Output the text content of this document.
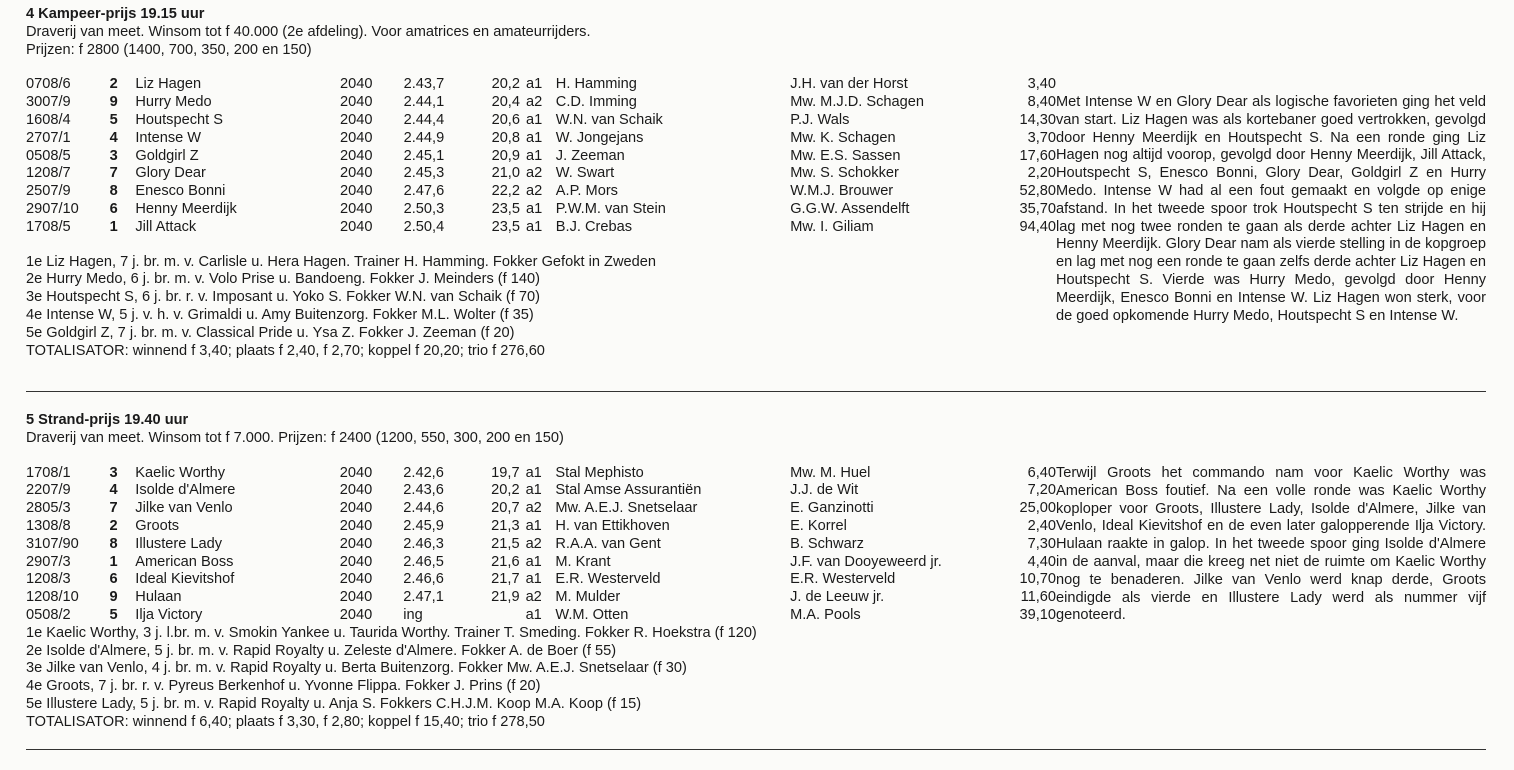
4 Kampeer-prijs 19.15 uur
Draverij van meet. Winsom tot f 40.000 (2e afdeling). Voor amatrices en amateurrijders.
Prijzen: f 2800 (1400, 700, 350, 200 en 150)
0708/6	2	Liz Hagen	2040	2.43,7	20,2	a1	H. Hamming	J.H. van der Horst	3,40
3007/9	9	Hurry Medo	2040	2.44,1	20,4	a2	C.D. Imming	Mw. M.J.D. Schagen	8,40
1608/4	5	Houtspecht S	2040	2.44,4	20,6	a1	W.N. van Schaik	P.J. Wals	14,30
2707/1	4	Intense W	2040	2.44,9	20,8	a1	W. Jongejans	Mw. K. Schagen	3,70
0508/5	3	Goldgirl Z	2040	2.45,1	20,9	a1	J. Zeeman	Mw. E.S. Sassen	17,60
1208/7	7	Glory Dear	2040	2.45,3	21,0	a2	W. Swart	Mw. S. Schokker	2,20
2507/9	8	Enesco Bonni	2040	2.47,6	22,2	a2	A.P. Mors	W.M.J. Brouwer	52,80
2907/10	6	Henny Meerdijk	2040	2.50,3	23,5	a1	P.W.M. van Stein	G.G.W. Assendelft	35,70
1708/5	1	Jill Attack	2040	2.50,4	23,5	a1	B.J. Crebas	Mw. I. Giliam	94,40
1e Liz Hagen, 7 j. br. m. v. Carlisle u. Hera Hagen. Trainer H. Hamming. Fokker Gefokt in Zweden
2e Hurry Medo, 6 j. br. m. v. Volo Prise u. Bandoeng. Fokker J. Meinders (f 140)
3e Houtspecht S, 6 j. br. r. v. Imposant u. Yoko S. Fokker W.N. van Schaik (f 70)
4e Intense W, 5 j. v. h. v. Grimaldi u. Amy Buitenzorg. Fokker M.L. Wolter (f 35)
5e Goldgirl Z, 7 j. br. m. v. Classical Pride u. Ysa Z. Fokker J. Zeeman (f 20)
TOTALISATOR: winnend f 3,40; plaats f 2,40, f 2,70; koppel f 20,20; trio f 276,60
Met Intense W en Glory Dear als logische favorieten ging het veld van start. Liz Hagen was als kortebaner goed vertrokken, gevolgd door Henny Meerdijk en Houtspecht S. Na een ronde ging Liz Hagen nog altijd voorop, gevolgd door Henny Meerdijk, Jill Attack, Houtspecht S, Enesco Bonni, Glory Dear, Goldgirl Z en Hurry Medo. Intense W had al een fout gemaakt en volgde op enige afstand. In het tweede spoor trok Houtspecht S ten strijde en hij lag met nog twee ronden te gaan als derde achter Liz Hagen en Henny Meerdijk. Glory Dear nam als vierde stelling in de kopgroep en lag met nog een ronde te gaan zelfs derde achter Liz Hagen en Houtspecht S. Vierde was Hurry Medo, gevolgd door Henny Meerdijk, Enesco Bonni en Intense W. Liz Hagen won sterk, voor de goed opkomende Hurry Medo, Houtspecht S en Intense W.
5 Strand-prijs 19.40 uur
Draverij van meet. Winsom tot f 7.000. Prijzen: f 2400 (1200, 550, 300, 200 en 150)
1708/1	3	Kaelic Worthy	2040	2.42,6	19,7	a1	Stal Mephisto	Mw. M. Huel	6,40
2207/9	4	Isolde d'Almere	2040	2.43,6	20,2	a1	Stal Amse Assurantiën	J.J. de Wit	7,20
2805/3	7	Jilke van Venlo	2040	2.44,6	20,7	a2	Mw. A.E.J. Snetselaar	E. Ganzinotti	25,00
1308/8	2	Groots	2040	2.45,9	21,3	a1	H. van Ettikhoven	E. Korrel	2,40
3107/90	8	Illustere Lady	2040	2.46,3	21,5	a2	R.A.A. van Gent	B. Schwarz	7,30
2907/3	1	American Boss	2040	2.46,5	21,6	a1	M. Krant	J.F. van Dooyeweerd jr.	4,40
1208/3	6	Ideal Kievitshof	2040	2.46,6	21,7	a1	E.R. Westerveld	E.R. Westerveld	10,70
1208/10	9	Hulaan	2040	2.47,1	21,9	a2	M. Mulder	J. de Leeuw jr.	11,60
0508/2	5	Ilja Victory	2040	ing		a1	W.M. Otten	M.A. Pools	39,10
1e Kaelic Worthy, 3 j. l.br. m. v. Smokin Yankee u. Taurida Worthy. Trainer T. Smeding. Fokker R. Hoekstra (f 120)
2e Isolde d'Almere, 5 j. br. m. v. Rapid Royalty u. Zeleste d'Almere. Fokker A. de Boer (f 55)
3e Jilke van Venlo, 4 j. br. m. v. Rapid Royalty u. Berta Buitenzorg. Fokker Mw. A.E.J. Snetselaar (f 30)
4e Groots, 7 j. br. r. v. Pyreus Berkenhof u. Yvonne Flippa. Fokker J. Prins (f 20)
5e Illustere Lady, 5 j. br. m. v. Rapid Royalty u. Anja S. Fokkers C.H.J.M. Koop M.A. Koop (f 15)
TOTALISATOR: winnend f 6,40; plaats f 3,30, f 2,80; koppel f 15,40; trio f 278,50
Terwijl Groots het commando nam voor Kaelic Worthy was American Boss foutief. Na een volle ronde was Kaelic Worthy koploper voor Groots, Illustere Lady, Isolde d'Almere, Jilke van Venlo, Ideal Kievitshof en de even later galopperende Ilja Victory. Hulaan raakte in galop. In het tweede spoor ging Isolde d'Almere in de aanval, maar die kreeg net niet de ruimte om Kaelic Worthy nog te benaderen. Jilke van Venlo werd knap derde, Groots eindigde als vierde en Illustere Lady werd als nummer vijf genoteerd.
